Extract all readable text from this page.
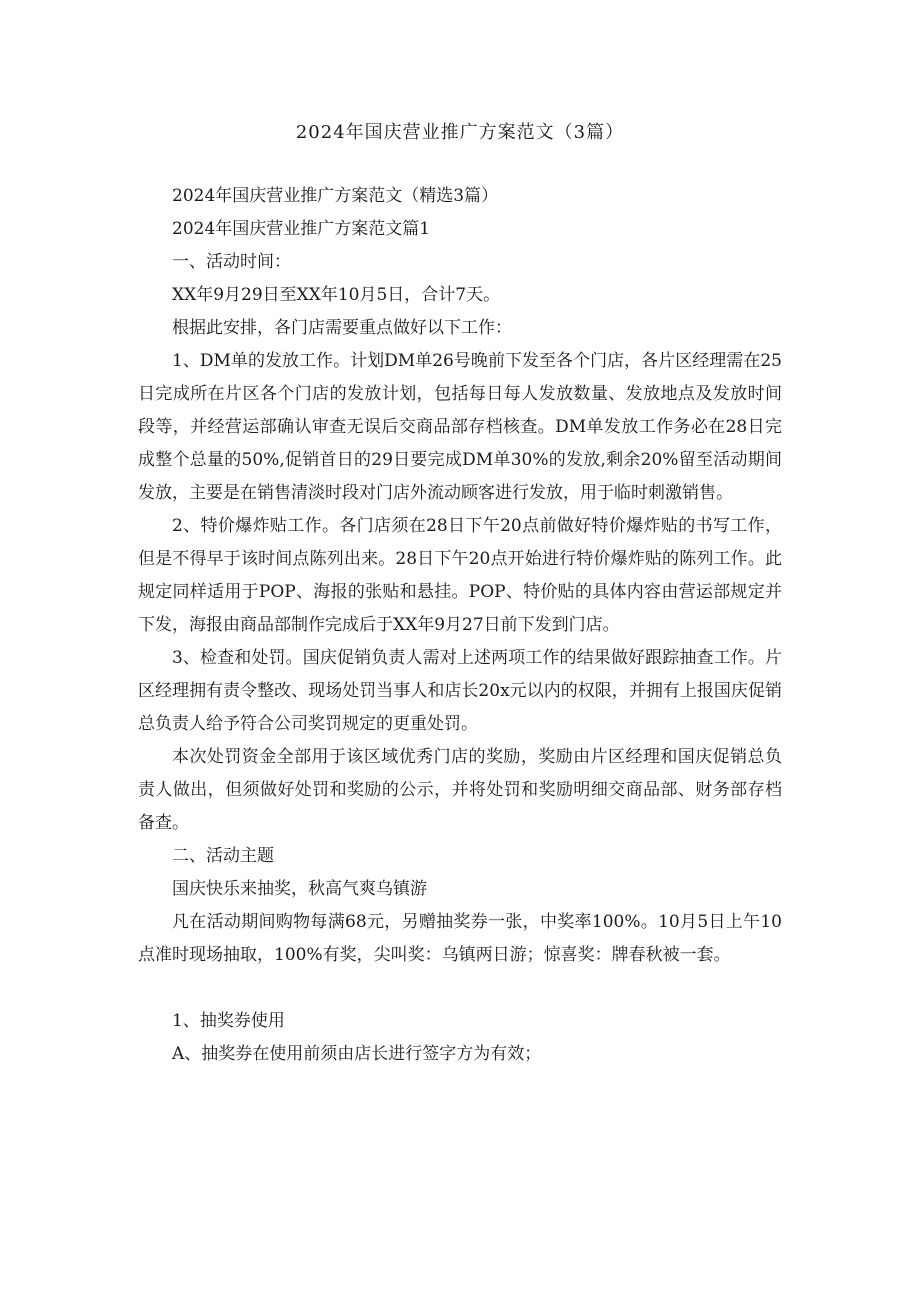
2024年国庆营业推广方案范文（3篇）

2024年国庆营业推广方案范文（精选3篇）

2024年国庆营业推广方案范文篇1

一、活动时间：

XX年9月29日至XX年10月5日，合计7天。

根据此安排，各门店需要重点做好以下工作：

1、DM单的发放工作。计划DM单26号晚前下发至各个门店，各片区经理需在25日完成所在片区各个门店的发放计划，包括每日每人发放数量、发放地点及发放时间段等，并经营运部确认审查无误后交商品部存档核查。DM单发放工作务必在28日完成整个总量的50%,促销首日的29日要完成DM单30%的发放,剩余20%留至活动期间发放，主要是在销售清淡时段对门店外流动顾客进行发放，用于临时刺激销售。

2、特价爆炸贴工作。各门店须在28日下午20点前做好特价爆炸贴的书写工作，但是不得早于该时间点陈列出来。28日下午20点开始进行特价爆炸贴的陈列工作。此规定同样适用于POP、海报的张贴和悬挂。POP、特价贴的具体内容由营运部规定并下发，海报由商品部制作完成后于XX年9月27日前下发到门店。

3、检查和处罚。国庆促销负责人需对上述两项工作的结果做好跟踪抽查工作。片区经理拥有责令整改、现场处罚当事人和店长20x元以内的权限，并拥有上报国庆促销总负责人给予符合公司奖罚规定的更重处罚。

本次处罚资金全部用于该区域优秀门店的奖励，奖励由片区经理和国庆促销总负责人做出，但须做好处罚和奖励的公示，并将处罚和奖励明细交商品部、财务部存档备查。

二、活动主题

国庆快乐来抽奖，秋高气爽乌镇游

凡在活动期间购物每满68元，另赠抽奖券一张，中奖率100%。10月5日上午10点准时现场抽取，100%有奖，尖叫奖：乌镇两日游；惊喜奖：牌春秋被一套。

1、抽奖券使用

A、抽奖券在使用前须由店长进行签字方为有效；
